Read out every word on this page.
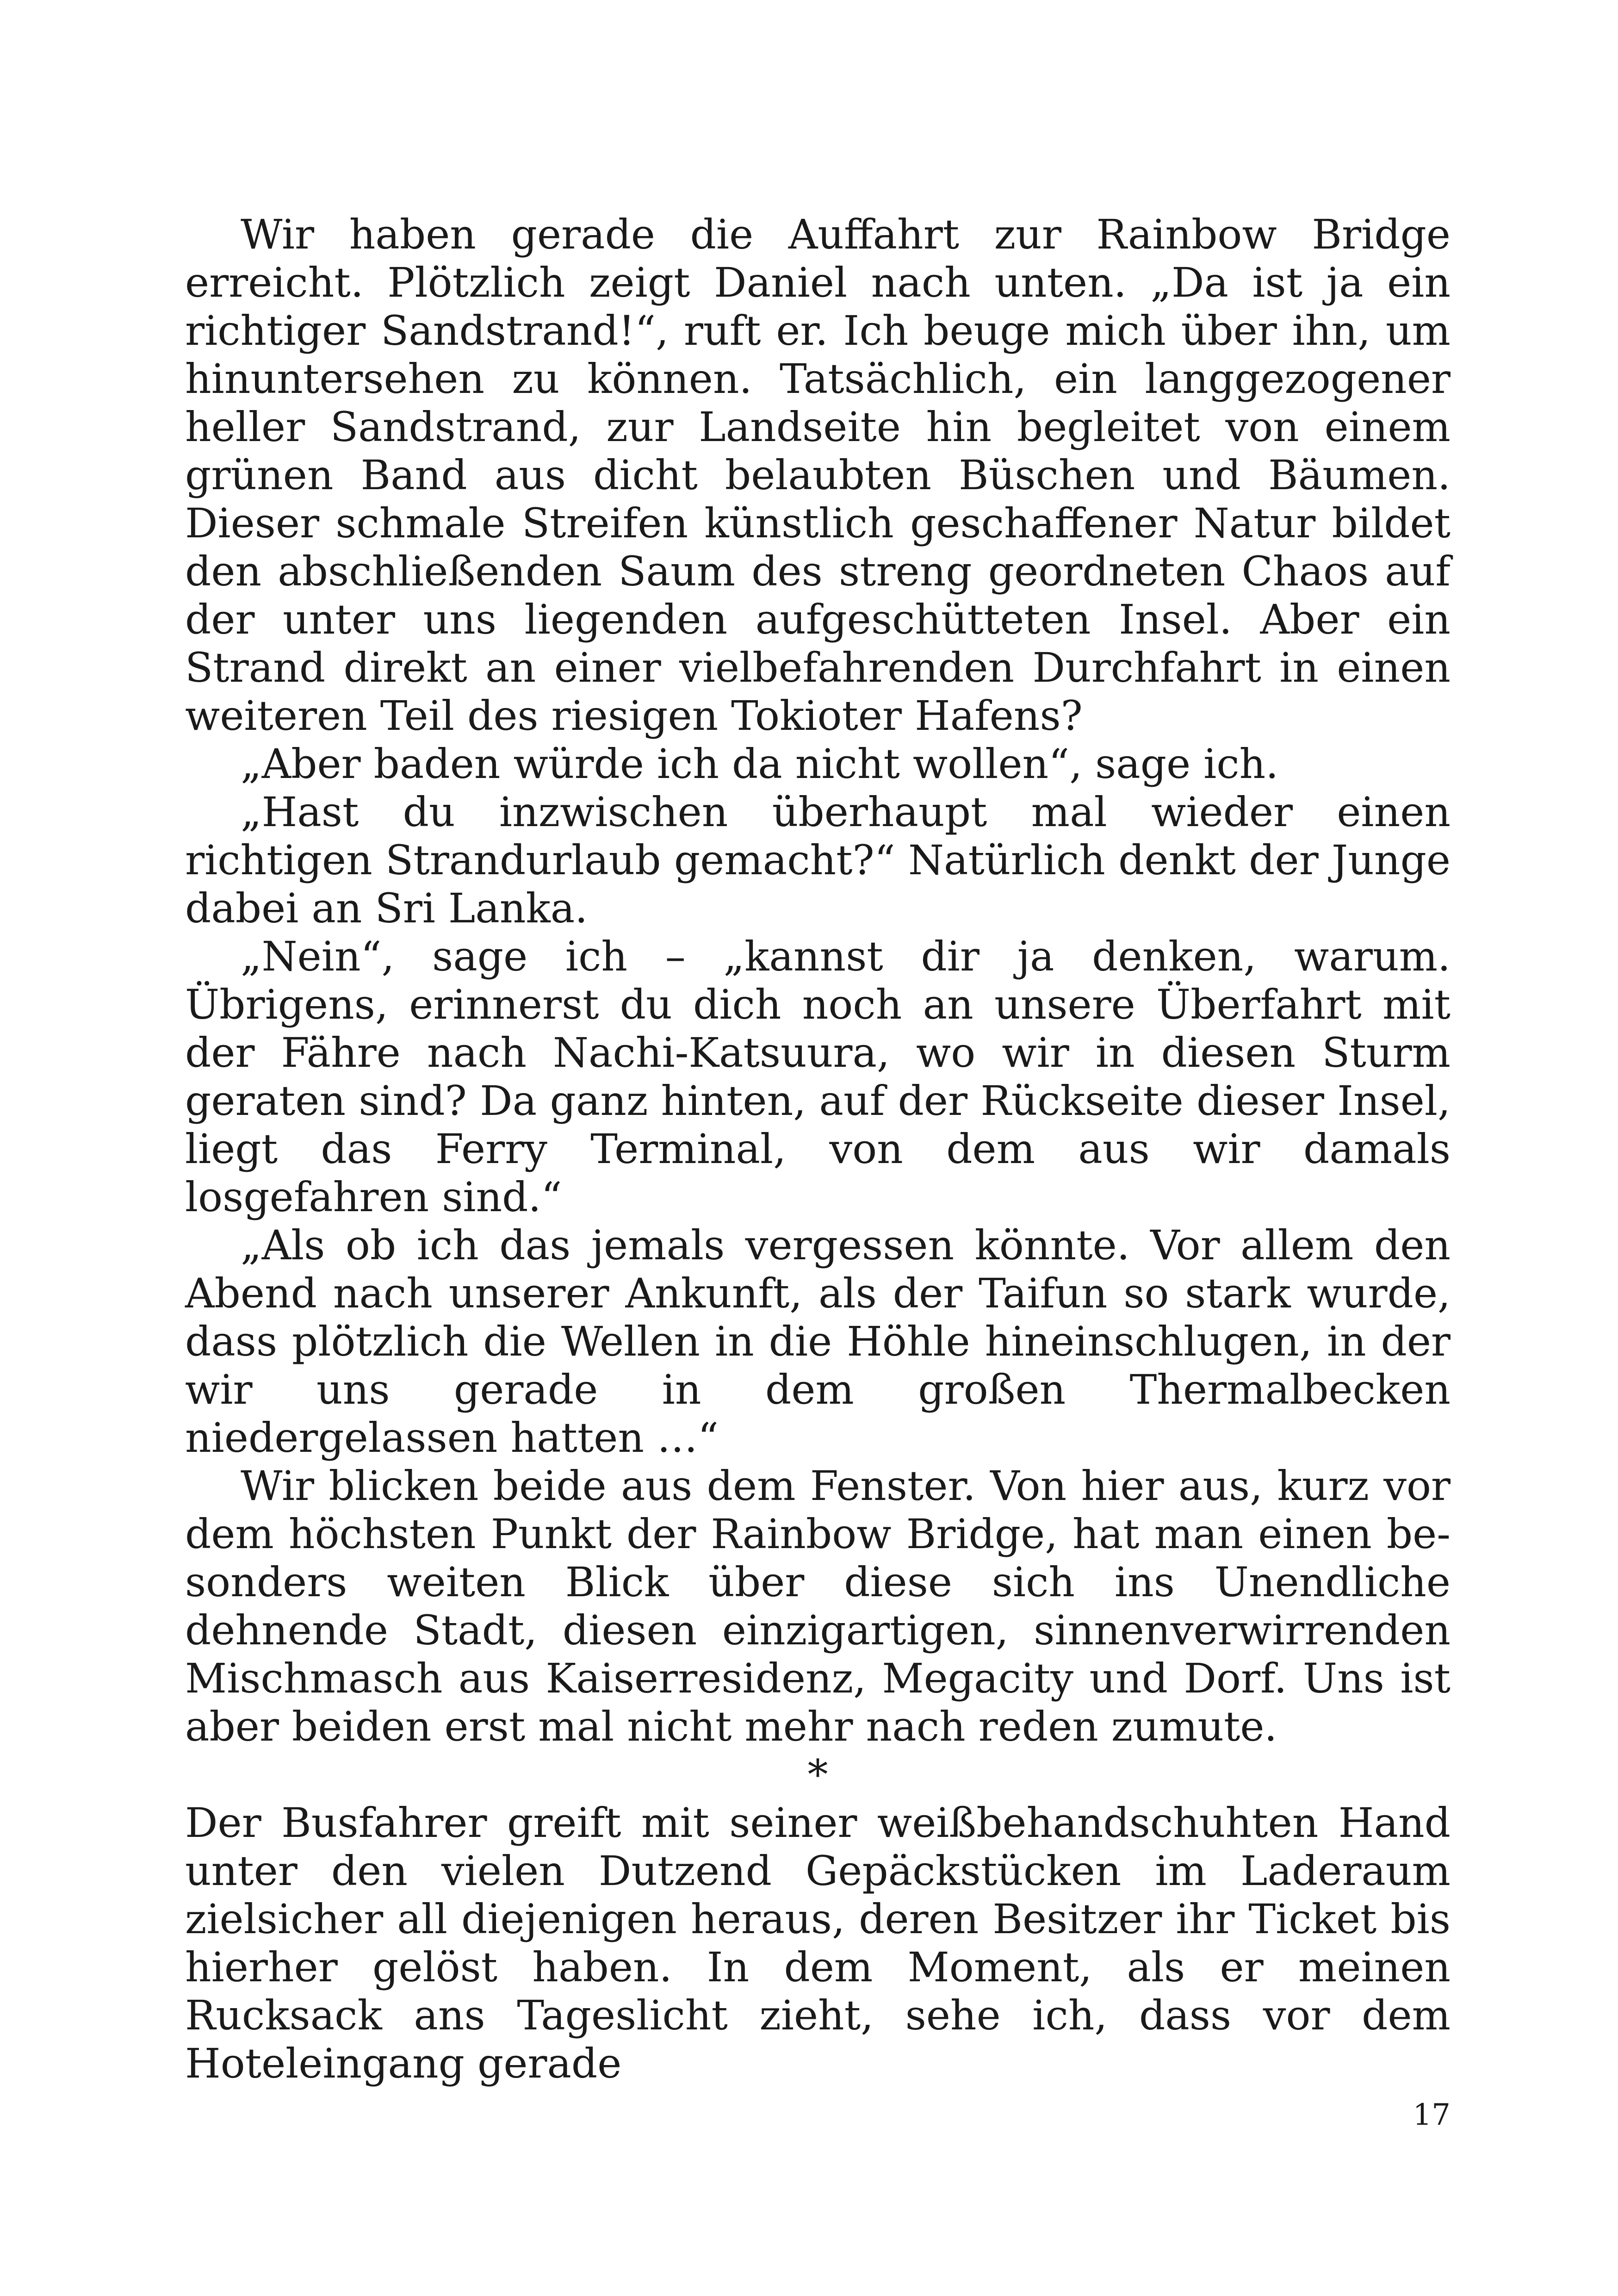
Wir haben gerade die Auffahrt zur Rainbow Bridge erreicht. Plötzlich zeigt Daniel nach unten. „Da ist ja ein richtiger Sandstrand!“, ruft er. Ich beuge mich über ihn, um hinuntersehen zu können. Tatsächlich, ein langgezogener heller Sandstrand, zur Landseite hin begleitet von einem grünen Band aus dicht belaubten Büschen und Bäumen. Dieser schmale Streifen künstlich geschaffener Natur bildet den abschließenden Saum des streng geordneten Chaos auf der unter uns liegenden aufgeschütteten Insel. Aber ein Strand direkt an einer vielbefahrenden Durchfahrt in einen weiteren Teil des riesigen Tokioter Hafens?

„Aber baden würde ich da nicht wollen“, sage ich.

„Hast du inzwischen überhaupt mal wieder einen richtigen Strandurlaub gemacht?“ Natürlich denkt der Junge dabei an Sri Lanka.

„Nein“, sage ich – „kannst dir ja denken, warum. Übrigens, erinnerst du dich noch an unsere Überfahrt mit der Fähre nach Nachi-Katsuura, wo wir in diesen Sturm geraten sind? Da ganz hinten, auf der Rückseite dieser Insel, liegt das Ferry Terminal, von dem aus wir damals losgefahren sind.“

„Als ob ich das jemals vergessen könnte. Vor allem den Abend nach unserer Ankunft, als der Taifun so stark wurde, dass plötzlich die Wellen in die Höhle hineinschlugen, in der wir uns gerade in dem großen Thermalbecken niedergelassen hatten …“

Wir blicken beide aus dem Fenster. Von hier aus, kurz vor dem höchsten Punkt der Rainbow Bridge, hat man einen besonders weiten Blick über diese sich ins Unendliche dehnende Stadt, diesen einzigartigen, sinnenverwirrenden Mischmasch aus Kaiserresidenz, Megacity und Dorf. Uns ist aber beiden erst mal nicht mehr nach reden zumute.

*

Der Busfahrer greift mit seiner weißbehandschuhten Hand unter den vielen Dutzend Gepäckstücken im Laderaum zielsicher all diejenigen heraus, deren Besitzer ihr Ticket bis hierher gelöst haben. In dem Moment, als er meinen Rucksack ans Tageslicht zieht, sehe ich, dass vor dem Hoteleingang gerade

17
